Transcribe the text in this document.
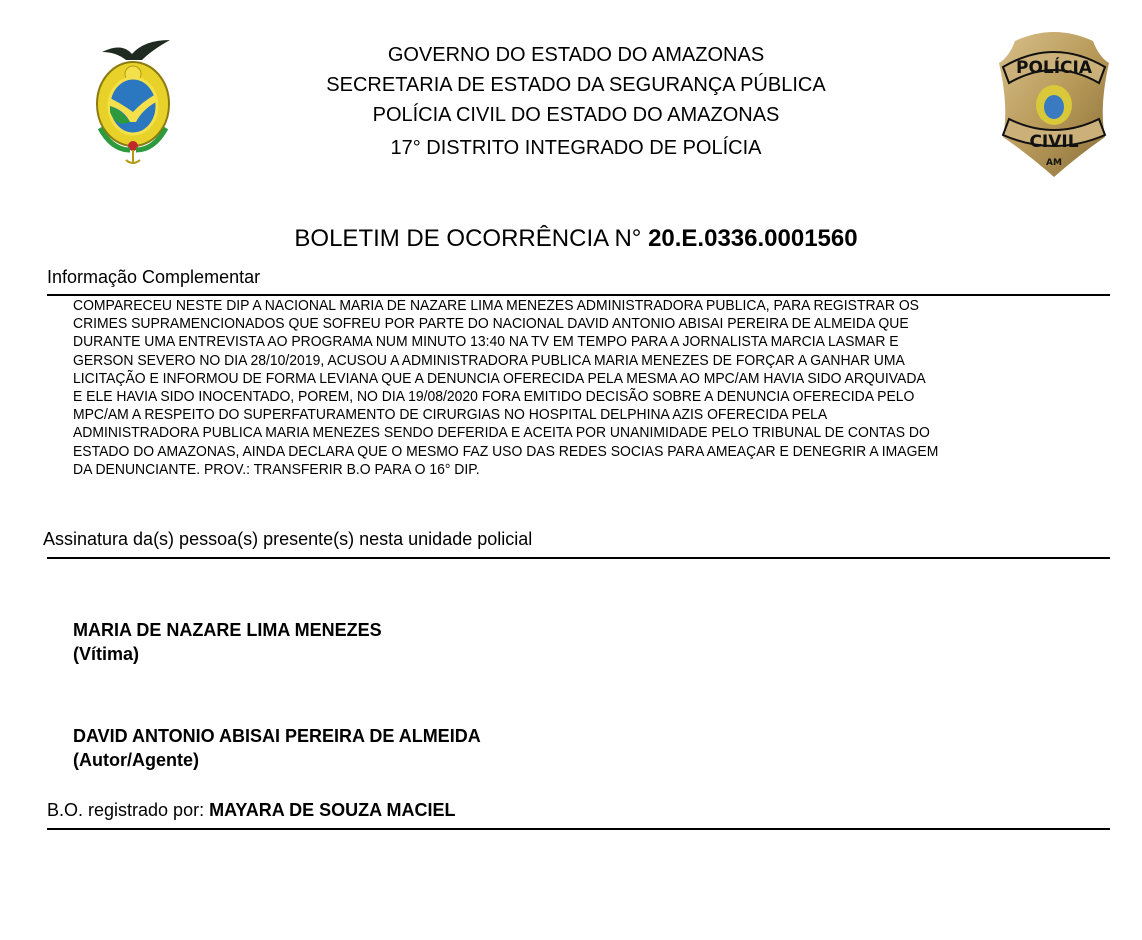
GOVERNO DO ESTADO DO AMAZONAS
SECRETARIA DE ESTADO DA SEGURANÇA PÚBLICA
POLÍCIA CIVIL DO ESTADO DO AMAZONAS
17° DISTRITO INTEGRADO DE POLÍCIA
POLÍCIA
CIVIL
AM
BOLETIM DE OCORRÊNCIA N° 20.E.0336.0001560
Informação Complementar
COMPARECEU NESTE DIP A NACIONAL MARIA DE NAZARE LIMA MENEZES ADMINISTRADORA PUBLICA, PARA REGISTRAR OS
CRIMES SUPRAMENCIONADOS QUE SOFREU POR PARTE DO NACIONAL DAVID ANTONIO ABISAI PEREIRA DE ALMEIDA QUE
DURANTE UMA ENTREVISTA AO PROGRAMA NUM MINUTO 13:40 NA TV EM TEMPO PARA A JORNALISTA MARCIA LASMAR E
GERSON SEVERO NO DIA 28/10/2019, ACUSOU A ADMINISTRADORA PUBLICA MARIA MENEZES DE FORÇAR A GANHAR UMA
LICITAÇÃO E INFORMOU DE FORMA LEVIANA QUE A DENUNCIA OFERECIDA PELA MESMA AO MPC/AM HAVIA SIDO ARQUIVADA
E ELE HAVIA SIDO INOCENTADO, POREM, NO DIA 19/08/2020 FORA EMITIDO DECISÃO SOBRE A DENUNCIA OFERECIDA PELO
MPC/AM A RESPEITO DO SUPERFATURAMENTO DE CIRURGIAS NO HOSPITAL DELPHINA AZIS OFERECIDA PELA
ADMINISTRADORA PUBLICA MARIA MENEZES SENDO DEFERIDA E ACEITA POR UNANIMIDADE PELO TRIBUNAL DE CONTAS DO
ESTADO DO AMAZONAS, AINDA DECLARA QUE O MESMO FAZ USO DAS REDES SOCIAS PARA AMEAÇAR E DENEGRIR A IMAGEM
DA DENUNCIANTE. PROV.: TRANSFERIR B.O PARA O 16° DIP.
Assinatura da(s) pessoa(s) presente(s) nesta unidade policial
MARIA DE NAZARE LIMA MENEZES
(Vítima)
DAVID ANTONIO ABISAI PEREIRA DE ALMEIDA
(Autor/Agente)
B.O. registrado por: MAYARA DE SOUZA MACIEL
